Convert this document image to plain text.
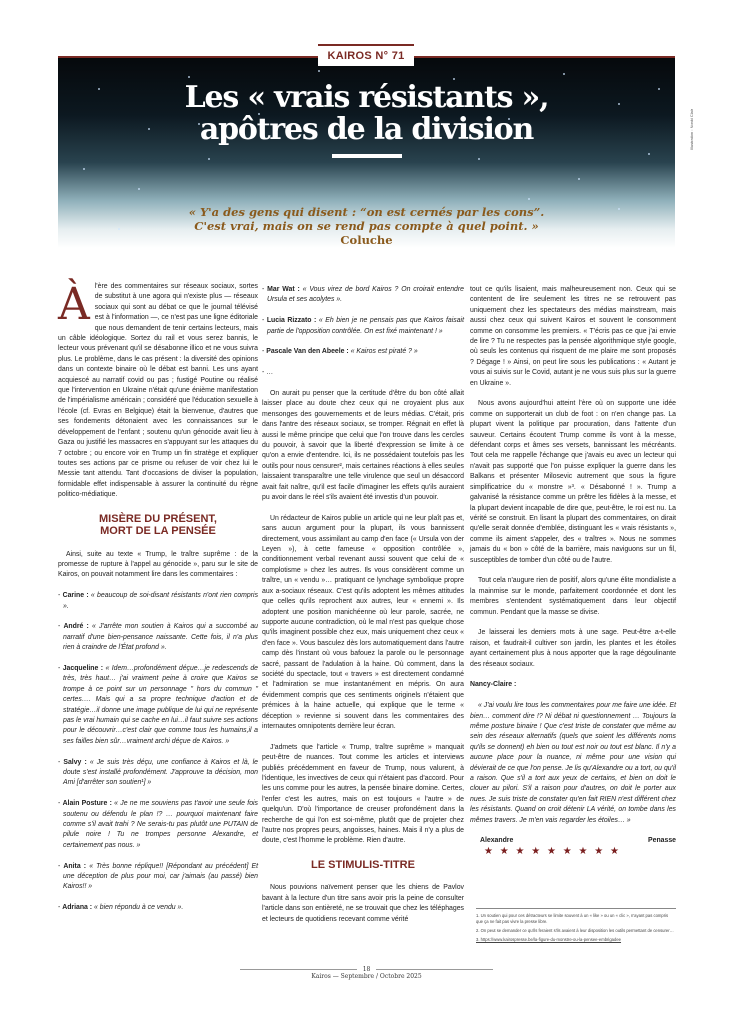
KAIROS N° 71
Illustration : Nonki Clair
Les « vrais résistants »,
apôtres de la division
« Y'a des gens qui disent : “on est cernés par les cons”.
C'est vrai, mais on se rend pas compte à quel point. »
Coluche

Àl'ère des commentaires sur réseaux sociaux, sortes de substitut à une agora qui n'existe plus — réseaux sociaux qui sont au débat ce que le journal télévisé est à l'information —, ce n'est pas une ligne éditoriale que nous demandent de tenir certains lecteurs, mais un câble idéologique. Sortez du rail et vous serez bannis, le lecteur vous prévenant qu'il se désabonne illico et ne vous suivra plus. Le problème, dans le cas présent : la diversité des opinions dans un contexte binaire où le débat est banni. Les uns ayant acquiescé au narratif covid ou pas ; fustigé Poutine ou réalisé que l'intervention en Ukraine n'était qu'une énième manifestation de l'impérialisme américain ; considéré que l'éducation sexuelle à l'école (cf. Evras en Belgique) était la bienvenue, d'autres que ses fondements détonaient avec les connaissances sur le développement de l'enfant ; soutenu qu'un génocide avait lieu à Gaza ou justifié les massacres en s'appuyant sur les attaques du 7 octobre ; ou encore voir en Trump un fin stratège et expliquer toutes ses actions par ce prisme ou refuser de voir chez lui le Messie tant attendu. Tant d'occasions de diviser la population, formidable effet indispensable à assurer la continuité du règne politico-médiatique.

MISÈRE DU PRÉSENT,
MORT DE LA PENSÉE

Ainsi, suite au texte « Trump, le traître suprême : de la promesse de rupture à l'appel au génocide », paru sur le site de Kairos, on pouvait notamment lire dans les commentaires :

- Carine : « beaucoup de soi-disant résistants n'ont rien compris ».

- André : « J'arrête mon soutien à Kairos qui a succombé au narratif d'une bien-pensance naissante. Cette fois, il n'a plus rien à craindre de l'État profond ».

- Jacqueline : « Idem…profondément déçue…je redescends de très, très haut… j'ai vraiment peine à croire que Kairos se trompe à ce point sur un personnage " hors du commun " certes…. Mais qui a sa propre technique d'action et de stratégie…il donne une image publique de lui qui ne représente pas le vrai humain qui se cache en lui…il faut suivre ses actions pour le découvrir…c'est clair que comme tous les humains,il a ses failles bien sûr…vraiment archi déçue de Kairos. »

- Salvy : « Je suis très déçu, une confiance à Kairos et là, le doute s'est installé profondément. J'approuve ta décision, mon Ami [d'arrêter son soutien¹] »

- Alain Posture : « Je ne me souviens pas t'avoir une seule fois soutenu ou défendu le plan !? … pourquoi maintenant faire comme s'il avait trahi ? Ne serais-tu pas plutôt une PUTAIN de pilule noire ! Tu ne trompes personne Alexandre, et certainement pas nous. »

- Anita : « Très bonne réplique!! [Répondant au précédent] Et une déception de plus pour moi, car j'aimais (au passé) bien Kairos!! »

- Adriana : « bien répondu à ce vendu ».

- Mar Wat : « Vous virez de bord Kairos ? On croirait entendre Ursula et ses acolytes ».

- Lucia Rizzato : « Eh bien je ne pensais pas que Kairos faisait partie de l'opposition contrôlée. On est fixé maintenant ! »

- Pascale Van den Abeele : « Kairos est piraté ? »

- …

On aurait pu penser que la certitude d'être du bon côté allait laisser place au doute chez ceux qui ne croyaient plus aux mensonges des gouvernements et de leurs médias. C'était, pris dans l'antre des réseaux sociaux, se tromper. Régnait en effet là aussi le même principe que celui que l'on trouve dans les cercles du pouvoir, à savoir que la liberté d'expression se limite à ce qu'on a envie d'entendre. Ici, ils ne possédaient toutefois pas les outils pour nous censurer², mais certaines réactions à elles seules laissaient transparaître une telle virulence que seul un désaccord avait fait naître, qu'il est facile d'imaginer les effets qu'ils auraient pu avoir dans le réel s'ils avaient été investis d'un pouvoir.

Un rédacteur de Kairos publie un article qui ne leur plaît pas et, sans aucun argument pour la plupart, ils vous bannissent directement, vous assimilant au camp d'en face (« Ursula von der Leyen »), à cette fameuse « opposition contrôlée », conditionnement verbal revenant aussi souvent que celui de « complotisme » chez les autres. Ils vous considèrent comme un traître, un « vendu »… pratiquant ce lynchage symbolique propre aux a-sociaux réseaux. C'est qu'ils adoptent les mêmes attitudes que celles qu'ils reprochent aux autres, leur « ennemi ». Ils adoptent une position manichéenne où leur parole, sacrée, ne supporte aucune contradiction, où le mal n'est pas quelque chose qu'ils imaginent possible chez eux, mais uniquement chez ceux « d'en face ». Vous basculez dès lors automatiquement dans l'autre camp dès l'instant où vous bafouez la parole ou le personnage sacré, passant de l'adulation à la haine. Où comment, dans la société du spectacle, tout « travers » est directement condamné et l'admiration se mue instantanément en mépris. On aura évidemment compris que ces sentiments originels n'étaient que prémices à la haine actuelle, qui explique que le terme « déception » revienne si souvent dans les commentaires des internautes omnipotents derrière leur écran.

J'admets que l'article « Trump, traître suprême » manquait peut-être de nuances. Tout comme les articles et interviews publiés précédemment en faveur de Trump, nous valurent, à l'identique, les invectives de ceux qui n'étaient pas d'accord. Pour les uns comme pour les autres, la pensée binaire domine. Certes, l'enfer c'est les autres, mais on est toujours « l'autre » de quelqu'un. D'où l'importance de creuser profondément dans la recherche de qui l'on est soi-même, plutôt que de projeter chez l'autre nos propres peurs, angoisses, haines. Mais il n'y a plus de doute, c'est l'homme le problème. Rien d'autre.

LE STIMULIS-TITRE

Nous pouvions naïvement penser que les chiens de Pavlov bavant à la lecture d'un titre sans avoir pris la peine de consulter l'article dans son entièreté, ne se trouvait que chez les téléphages et lecteurs de quotidiens recevant comme vérité

tout ce qu'ils lisaient, mais malheureusement non. Ceux qui se contentent de lire seulement les titres ne se retrouvent pas uniquement chez les spectateurs des médias mainstream, mais aussi chez ceux qui suivent Kairos et souvent le consomment comme on consomme les premiers. « T'écris pas ce que j'ai envie de lire ? Tu ne respectes pas la pensée algorithmique style google, où seuls les contenus qui risquent de me plaire me sont proposés ? Dégage ! » Ainsi, on peut lire sous les publications : « Autant je vous ai suivis sur le Covid, autant je ne vous suis plus sur la guerre en Ukraine ».

Nous avons aujourd'hui atteint l'ère où on supporte une idée comme on supporterait un club de foot : on n'en change pas. La plupart vivent la politique par procuration, dans l'attente d'un sauveur. Certains écoutent Trump comme ils vont à la messe, défendant corps et âmes ses versets, bannissant les mécréants. Tout cela me rappelle l'échange que j'avais eu avec un lecteur qui n'avait pas supporté que l'on puisse expliquer la guerre dans les Balkans et présenter Milosevic autrement que sous la figure simplificatrice du « monstre »³. « Désabonné ! ». Trump a galvanisé la résistance comme un prêtre les fidèles à la messe, et la plupart devient incapable de dire que, peut-être, le roi est nu. La vérité se construit. En lisant la plupart des commentaires, on dirait qu'elle serait donnée d'emblée, distinguant les « vrais résistants », comme ils aiment s'appeler, des « traîtres ». Nous ne sommes jamais du « bon » côté de la barrière, mais naviguons sur un fil, susceptibles de tomber d'un côté ou de l'autre.

Tout cela n'augure rien de positif, alors qu'une élite mondialiste a la mainmise sur le monde, parfaitement coordonnée et dont les membres s'entendent systématiquement dans leur objectif commun. Pendant que la masse se divise.

Je laisserai les derniers mots à une sage. Peut-être a-t-elle raison, et faudrait-il cultiver son jardin, les plantes et les étoiles ayant certainement plus à nous apporter que la rage dégoulinante des réseaux sociaux.

Nancy-Claire :

« J'ai voulu lire tous les commentaires pour me faire une idée. Et bien… comment dire !? Ni débat ni questionnement … Toujours la même posture binaire ! Que c'est triste de constater que même au sein des réseaux alternatifs (quels que soient les différents noms qu'ils se donnent) eh bien ou tout est noir ou tout est blanc. Il n'y a aucune place pour la nuance, ni même pour une vision qui dévierait de ce que l'on pense. Je lis qu'Alexandre ou a tort, ou qu'il a raison. Que s'il a tort aux yeux de certains, et bien on doit le clouer au pilori. S'il a raison pour d'autres, on doit le porter aux nues. Je suis triste de constater qu'en fait RIEN n'est différent chez les résistants. Quand on croit détenir LA vérité, on tombe dans les mêmes travers. Je m'en vais regarder les étoiles… »

Alexandre Penasse★ ★ ★ ★ ★ ★ ★ ★ ★

1. Un soutien qui pour ces détracteurs se limite souvent à un « like » ou un « clic », n'ayant pas compris que ça ne fait pas vivre la presse libre.
2. On peut se demander ce qu'ils feraient s'ils avaient à leur disposition les outils permettant de censurer…
3. https://www.kairospresse.be/la-figure-du-monstre-ou-la-pensee-embrigadee
18
Kairos — Septembre / Octobre 2025
